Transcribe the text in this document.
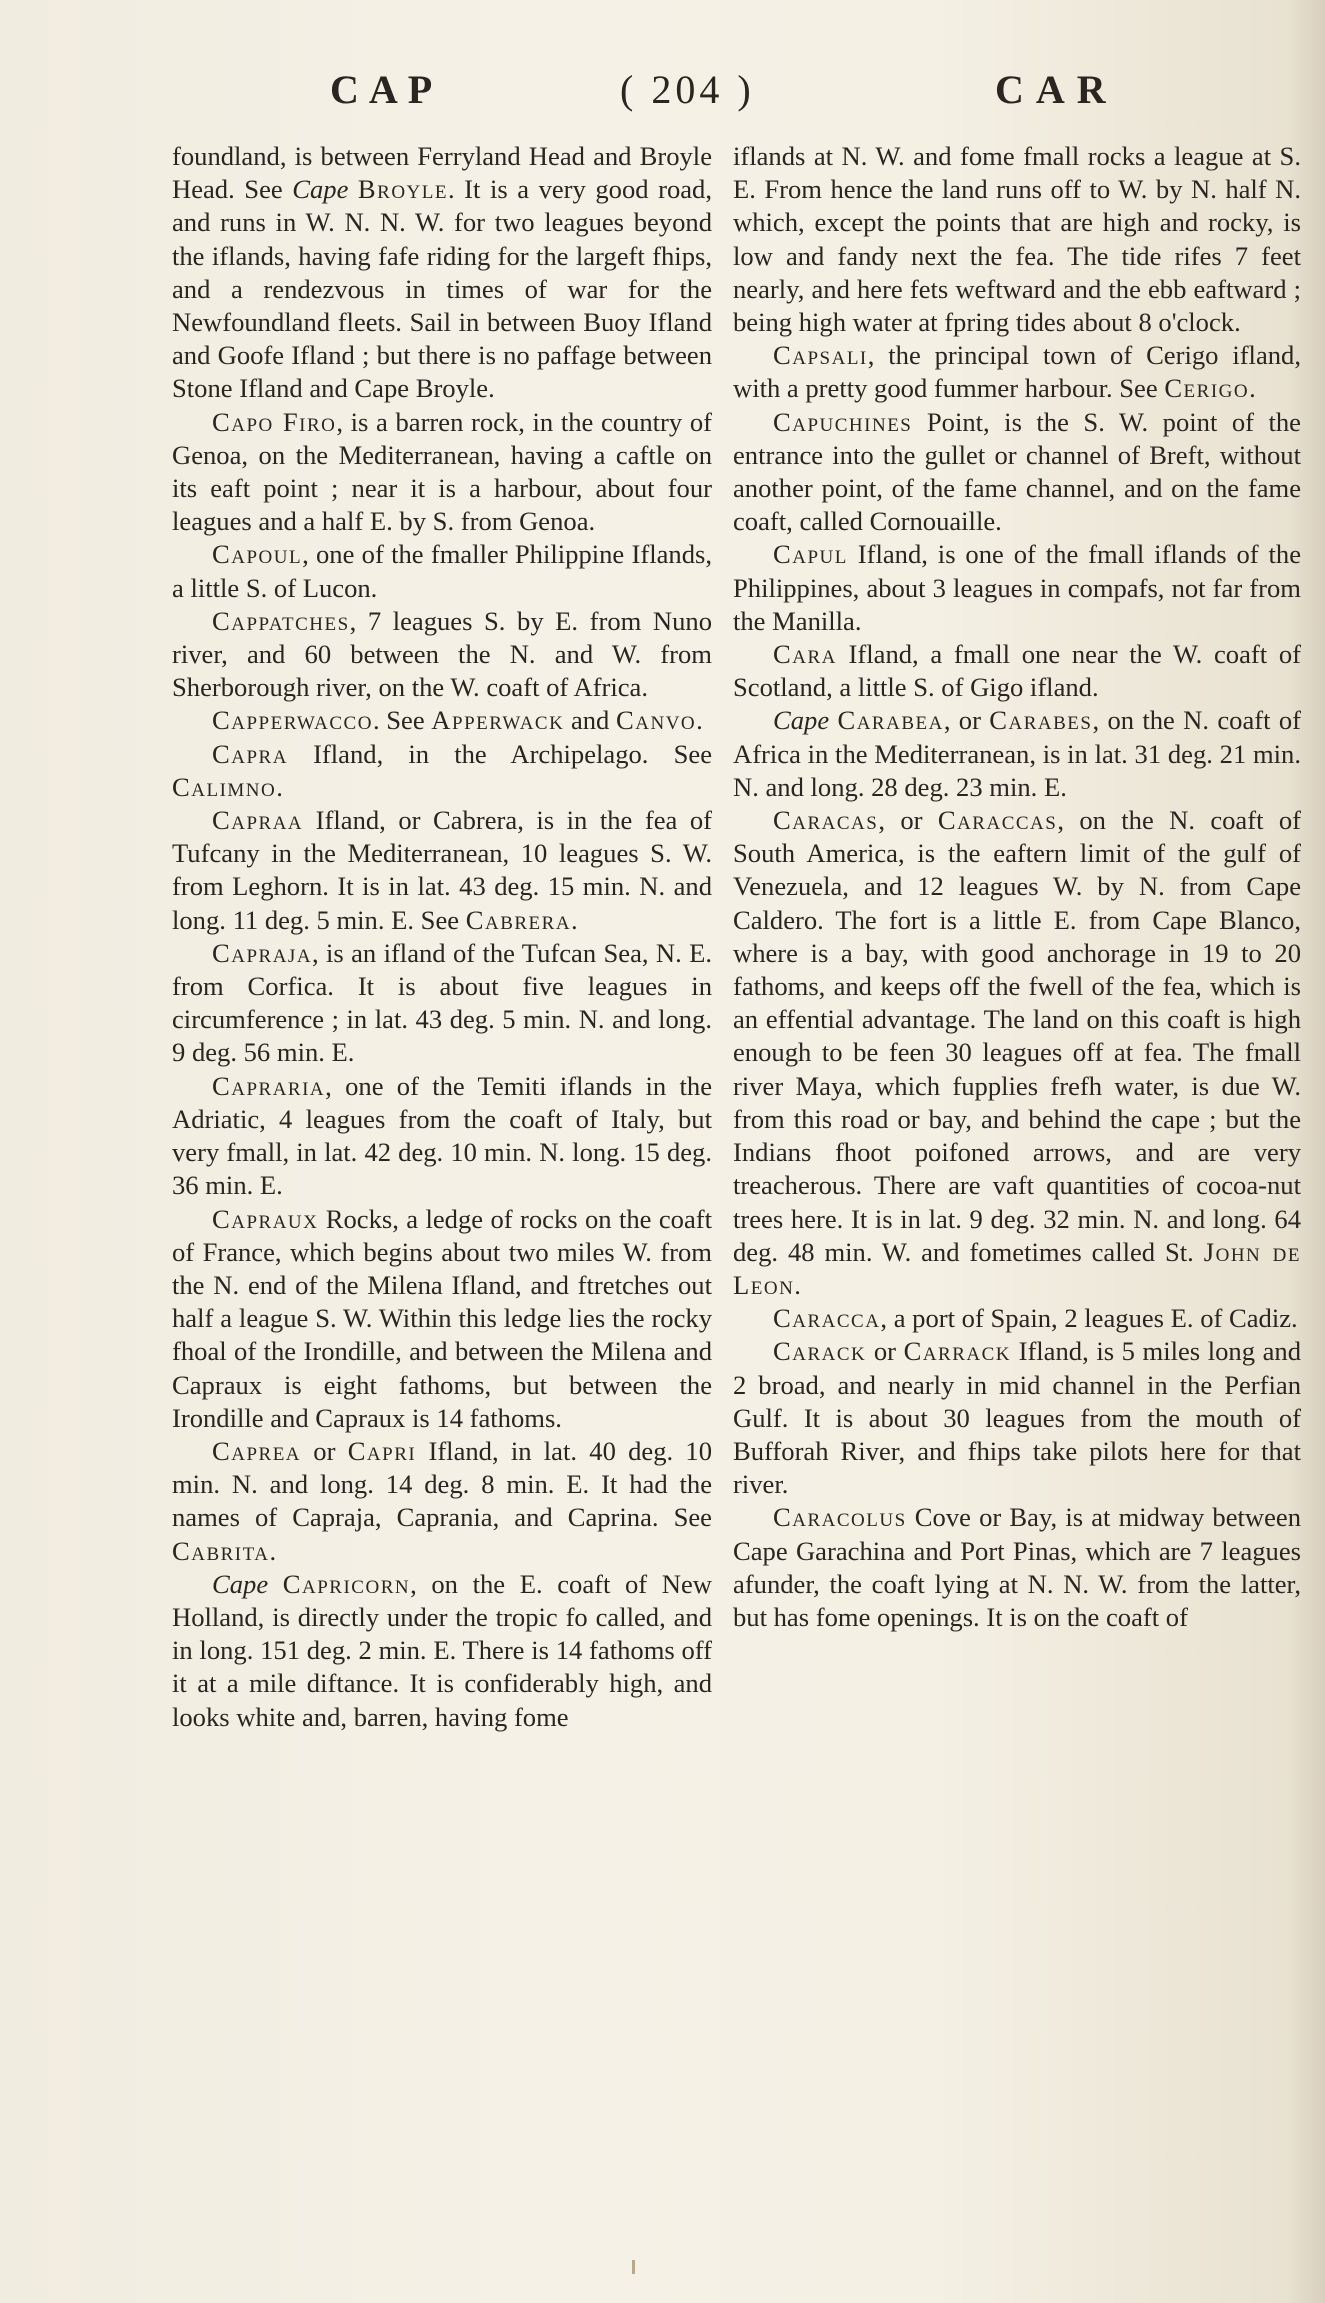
CAP	( 204 )	CAR

foundland, is between Ferryland Head and Broyle Head. See Cape Broyle. It is a very good road, and runs in W. N. N. W. for two leagues beyond the iflands, having fafe riding for the largeft fhips, and a rendezvous in times of war for the Newfoundland fleets. Sail in between Buoy Ifland and Goofe Ifland ; but there is no paffage between Stone Ifland and Cape Broyle.

Capo Firo, is a barren rock, in the country of Genoa, on the Mediterranean, having a caftle on its eaft point ; near it is a harbour, about four leagues and a half E. by S. from Genoa.

Capoul, one of the fmaller Philippine Iflands, a little S. of Lucon.

Cappatches, 7 leagues S. by E. from Nuno river, and 60 between the N. and W. from Sherborough river, on the W. coaft of Africa.

Capperwacco. See Apperwack and Canvo.

Capra Ifland, in the Archipelago. See Calimno.

Capraa Ifland, or Cabrera, is in the fea of Tufcany in the Mediterranean, 10 leagues S. W. from Leghorn. It is in lat. 43 deg. 15 min. N. and long. 11 deg. 5 min. E. See Cabrera.

Capraja, is an ifland of the Tufcan Sea, N. E. from Corfica. It is about five leagues in circumference ; in lat. 43 deg. 5 min. N. and long. 9 deg. 56 min. E.

Capraria, one of the Temiti iflands in the Adriatic, 4 leagues from the coaft of Italy, but very fmall, in lat. 42 deg. 10 min. N. long. 15 deg. 36 min. E.

Capraux Rocks, a ledge of rocks on the coaft of France, which begins about two miles W. from the N. end of the Milena Ifland, and ftretches out half a league S. W. Within this ledge lies the rocky fhoal of the Irondille, and between the Milena and Capraux is eight fathoms, but between the Irondille and Capraux is 14 fathoms.

Caprea or Capri Ifland, in lat. 40 deg. 10 min. N. and long. 14 deg. 8 min. E. It had the names of Capraja, Caprania, and Caprina. See Cabrita.

Cape Capricorn, on the E. coaft of New Holland, is directly under the tropic fo called, and in long. 151 deg. 2 min. E. There is 14 fathoms off it at a mile diftance. It is confiderably high, and looks white and, barren, having fome

iflands at N. W. and fome fmall rocks a league at S. E. From hence the land runs off to W. by N. half N. which, except the points that are high and rocky, is low and fandy next the fea. The tide rifes 7 feet nearly, and here fets weftward and the ebb eaftward ; being high water at fpring tides about 8 o'clock.

Capsali, the principal town of Cerigo ifland, with a pretty good fummer harbour. See Cerigo.

Capuchines Point, is the S. W. point of the entrance into the gullet or channel of Breft, without another point, of the fame channel, and on the fame coaft, called Cornouaille.

Capul Ifland, is one of the fmall iflands of the Philippines, about 3 leagues in compafs, not far from the Manilla.

Cara Ifland, a fmall one near the W. coaft of Scotland, a little S. of Gigo ifland.

Cape Carabea, or Carabes, on the N. coaft of Africa in the Mediterranean, is in lat. 31 deg. 21 min. N. and long. 28 deg. 23 min. E.

Caracas, or Caraccas, on the N. coaft of South America, is the eaftern limit of the gulf of Venezuela, and 12 leagues W. by N. from Cape Caldero. The fort is a little E. from Cape Blanco, where is a bay, with good anchorage in 19 to 20 fathoms, and keeps off the fwell of the fea, which is an effential advantage. The land on this coaft is high enough to be feen 30 leagues off at fea. The fmall river Maya, which fupplies frefh water, is due W. from this road or bay, and behind the cape ; but the Indians fhoot poifoned arrows, and are very treacherous. There are vaft quantities of cocoa-nut trees here. It is in lat. 9 deg. 32 min. N. and long. 64 deg. 48 min. W. and fometimes called St. John de Leon.

Caracca, a port of Spain, 2 leagues E. of Cadiz.

Carack or Carrack Ifland, is 5 miles long and 2 broad, and nearly in mid channel in the Perfian Gulf. It is about 30 leagues from the mouth of Bufforah River, and fhips take pilots here for that river.

Caracolus Cove or Bay, is at midway between Cape Garachina and Port Pinas, which are 7 leagues afunder, the coaft lying at N. N. W. from the latter, but has fome openings. It is on the coaft of
